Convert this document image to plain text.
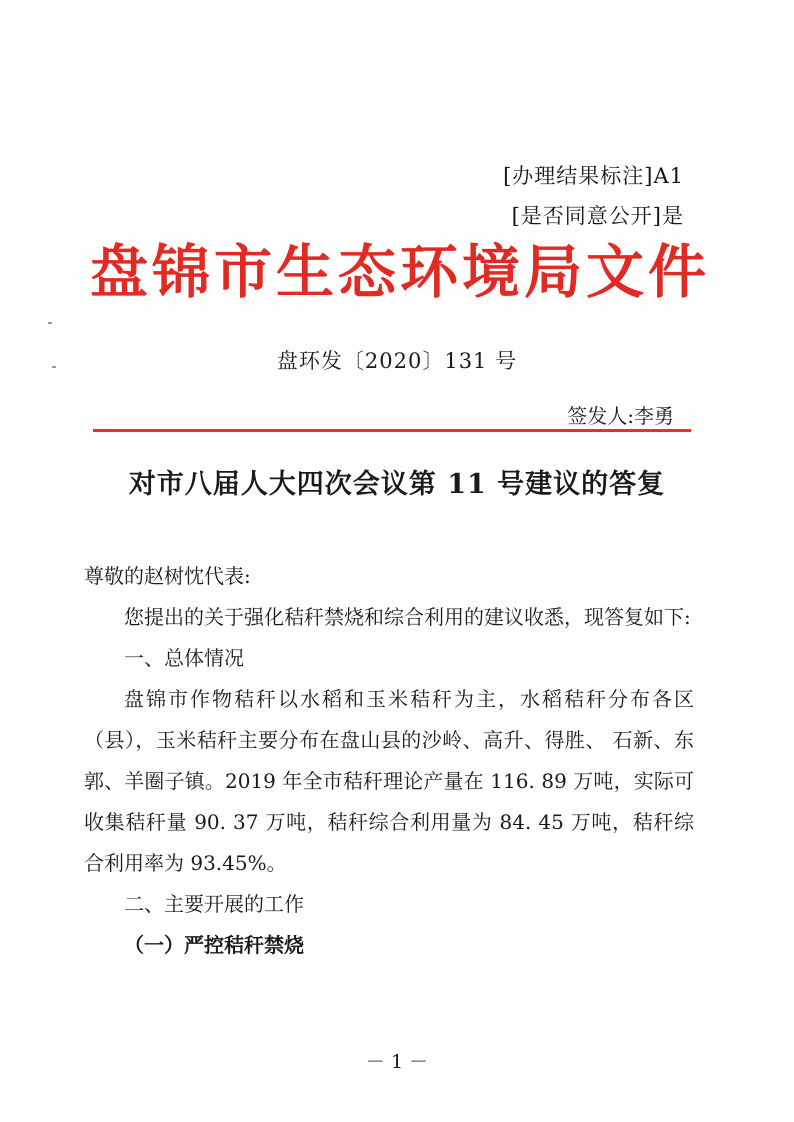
[办理结果标注]A1
[是否同意公开]是
盘锦市生态环境局文件
盘环发〔2020〕131 号
签发人:李勇
对市八届人大四次会议第 11 号建议的答复

尊敬的赵树忱代表:

您提出的关于强化秸秆禁烧和综合利用的建议收悉，现答复如下:

一、总体情况

盘锦市作物秸秆以水稻和玉米秸秆为主，水稻秸秆分布各区（县），玉米秸秆主要分布在盘山县的沙岭、高升、得胜、 石新、东郭、羊圈子镇。2019 年全市秸秆理论产量在 116. 89 万吨，实际可收集秸秆量 90. 37 万吨，秸秆综合利用量为 84. 45 万吨，秸秆综合利用率为 93.45%。

二、主要开展的工作

（一）严控秸秆禁烧

－ 1 －
